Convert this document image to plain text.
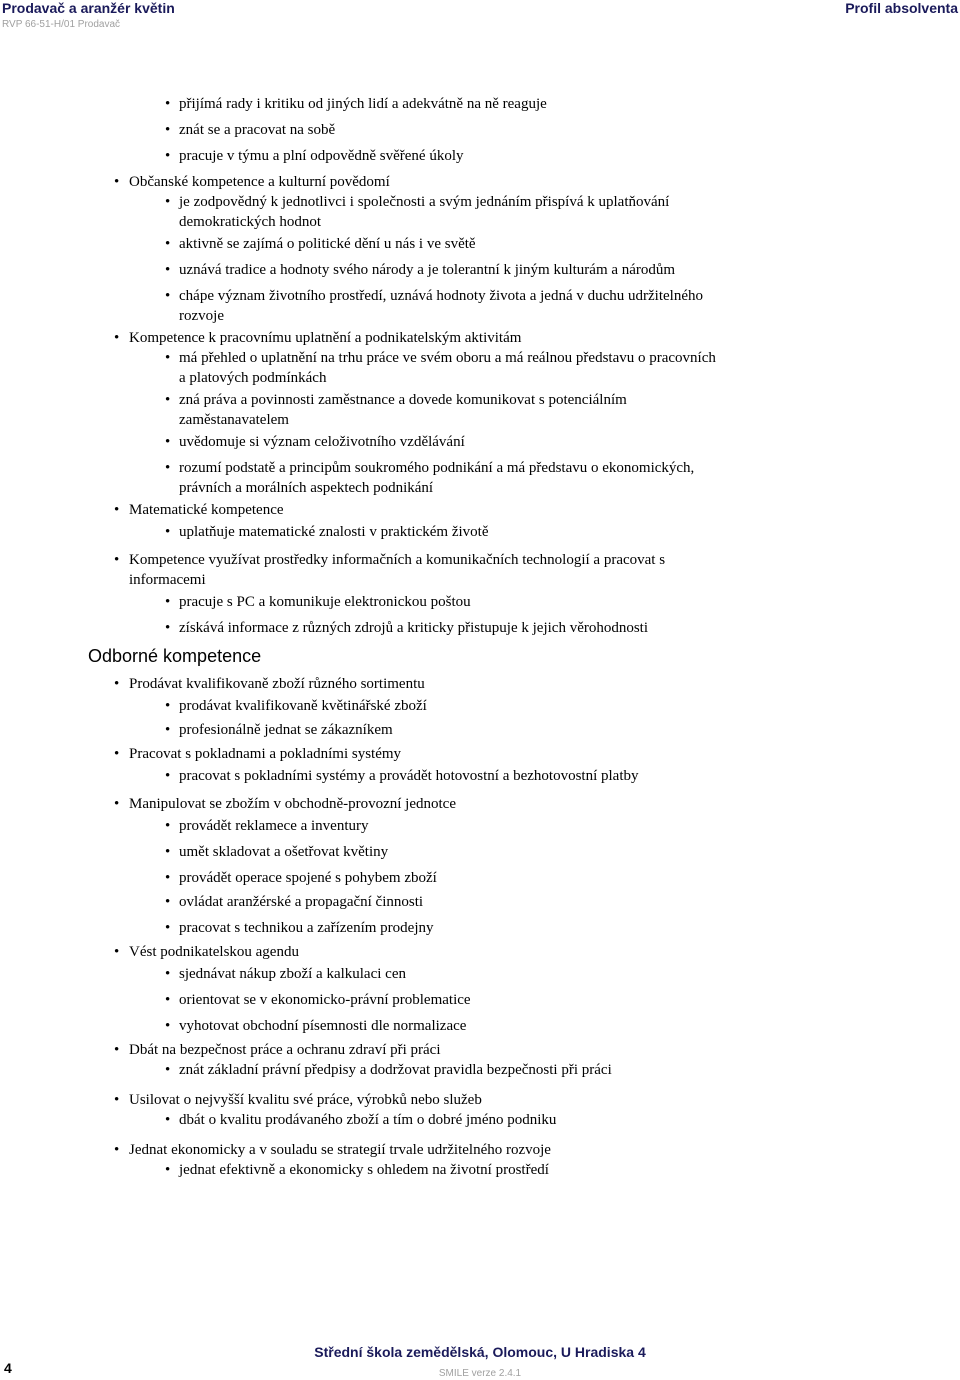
Prodavač a aranžér květin
RVP 66-51-H/01 Prodavač
Profil absolventa
• přijímá rady i kritiku od jiných lidí a adekvátně na ně reaguje
• znát se a pracovat na sobě
• pracuje v týmu a plní odpovědně svěřené úkoly
• Občanské kompetence a kulturní povědomí
• je zodpovědný k jednotlivci i společnosti a svým jednáním přispívá k uplatňování
demokratických hodnot
• aktivně se zajímá o politické dění u nás i ve světě
• uznává tradice a hodnoty svého národy a je tolerantní k jiným kulturám a národům
• chápe význam životního prostředí, uznává hodnoty života a jedná v duchu udržitelného
rozvoje
• Kompetence k pracovnímu uplatnění a podnikatelským aktivitám
• má přehled o uplatnění na trhu práce ve svém oboru a má reálnou představu o pracovních
a platových podmínkách
• zná práva a povinnosti zaměstnance a dovede komunikovat s potenciálním
zaměstanavatelem
• uvědomuje si význam celoživotního vzdělávání
• rozumí podstatě a principům soukromého podnikání a má představu o ekonomických,
právních a morálních aspektech podnikání
• Matematické kompetence
• uplatňuje matematické znalosti v praktickém životě
• Kompetence využívat prostředky informačních a komunikačních technologií a pracovat s
informacemi
• pracuje s PC a komunikuje elektronickou poštou
• získává informace z různých zdrojů a kriticky přistupuje k jejich věrohodnosti
Odborné kompetence
• Prodávat kvalifikovaně zboží různého sortimentu
• prodávat kvalifikovaně květinářské zboží
• profesionálně jednat se zákazníkem
• Pracovat s pokladnami a pokladními systémy
• pracovat s pokladními systémy a provádět hotovostní a bezhotovostní platby
• Manipulovat se zbožím v obchodně-provozní jednotce
• provádět reklamece a inventury
• umět skladovat a ošetřovat květiny
• provádět operace spojené s pohybem zboží
• ovládat aranžérské a propagační činnosti
• pracovat s technikou a zařízením prodejny
• Vést podnikatelskou agendu
• sjednávat nákup zboží a kalkulaci cen
• orientovat se v ekonomicko-právní problematice
• vyhotovat obchodní písemnosti dle normalizace
• Dbát na bezpečnost práce a ochranu zdraví při práci
• znát základní právní předpisy a dodržovat pravidla bezpečnosti při práci
• Usilovat o nejvyšší kvalitu své práce, výrobků nebo služeb
• dbát o kvalitu prodávaného zboží a tím o dobré jméno podniku
• Jednat ekonomicky a v souladu se strategií trvale udržitelného rozvoje
• jednat efektivně a ekonomicky s ohledem na životní prostředí
4
Střední škola zemědělská, Olomouc, U Hradiska 4
SMILE verze 2.4.1
